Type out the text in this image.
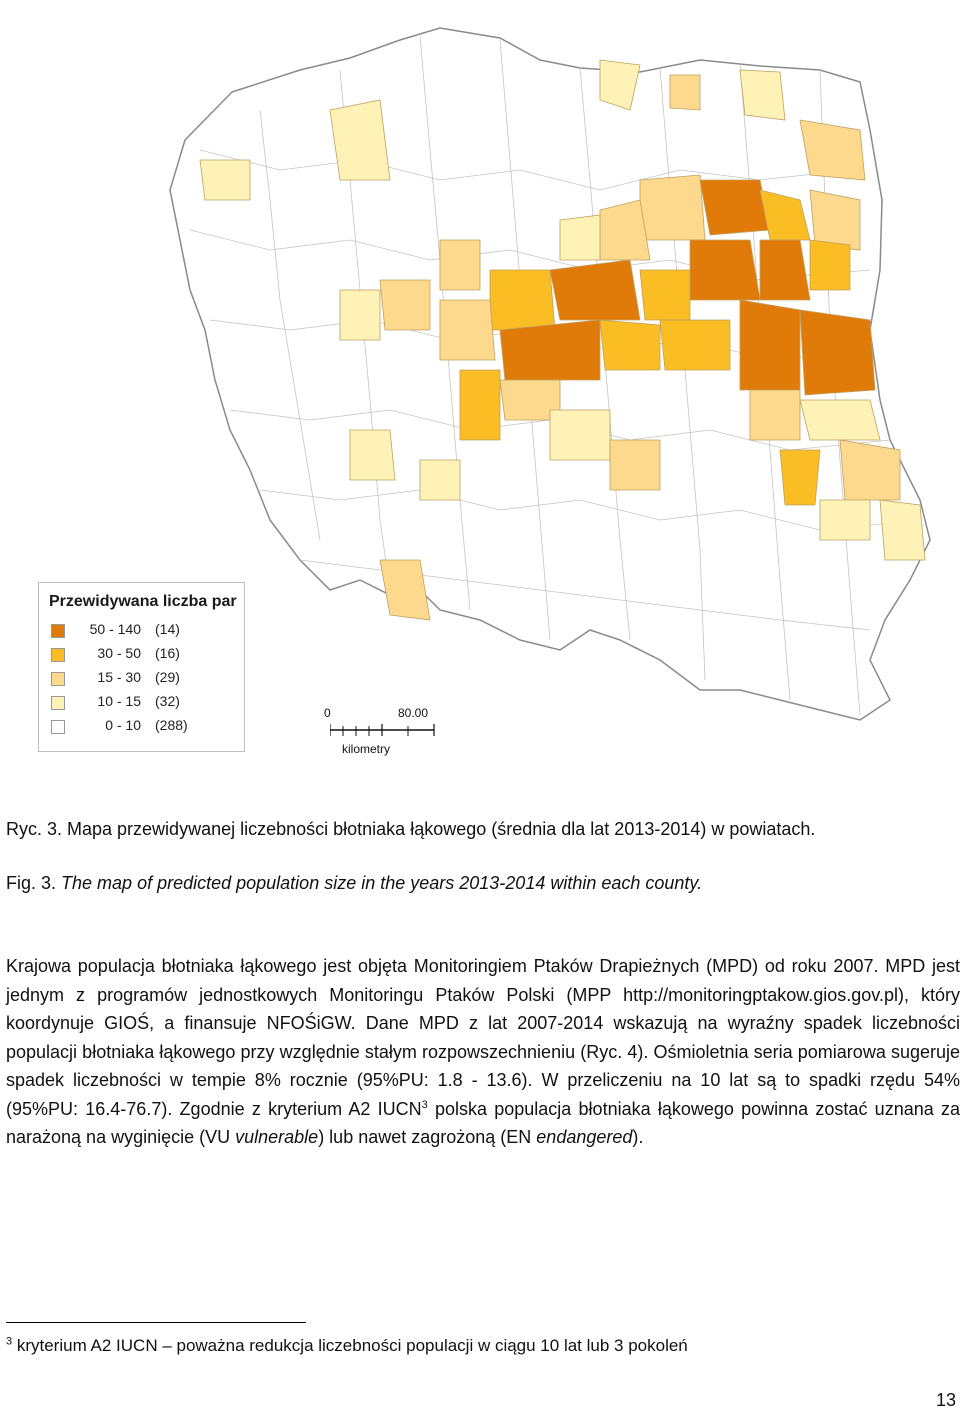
Przewidywana liczba par
50 - 140 (14)
30 - 50 (16)
15 - 30 (29)
10 - 15 (32)
0 - 10 (288)
0	80.00
kilometry
Ryc. 3. Mapa przewidywanej liczebności błotniaka łąkowego (średnia dla lat 2013-2014) w powiatach.
Fig. 3. The map of predicted population size in the years 2013-2014 within each county.

Krajowa populacja błotniaka łąkowego jest objęta Monitoringiem Ptaków Drapieżnych (MPD) od roku 2007. MPD jest jednym z programów jednostkowych Monitoringu Ptaków Polski (MPP http://monitoringptakow.gios.gov.pl), który koordynuje GIOŚ, a finansuje NFOŚiGW. Dane MPD z lat 2007-2014 wskazują na wyraźny spadek liczebności populacji błotniaka łąkowego przy względnie stałym rozpowszechnieniu (Ryc. 4). Ośmioletnia seria pomiarowa sugeruje spadek liczebności w tempie 8% rocznie (95%PU: 1.8 - 13.6). W przeliczeniu na 10 lat są to spadki rzędu 54% (95%PU: 16.4-76.7). Zgodnie z kryterium A2 IUCN$^3$ polska populacja błotniaka łąkowego powinna zostać uznana za narażoną na wyginięcie (VU vulnerable) lub nawet zagrożoną (EN endangered).

$^3$ kryterium A2 IUCN – poważna redukcja liczebności populacji w ciągu 10 lat lub 3 pokoleń
13
